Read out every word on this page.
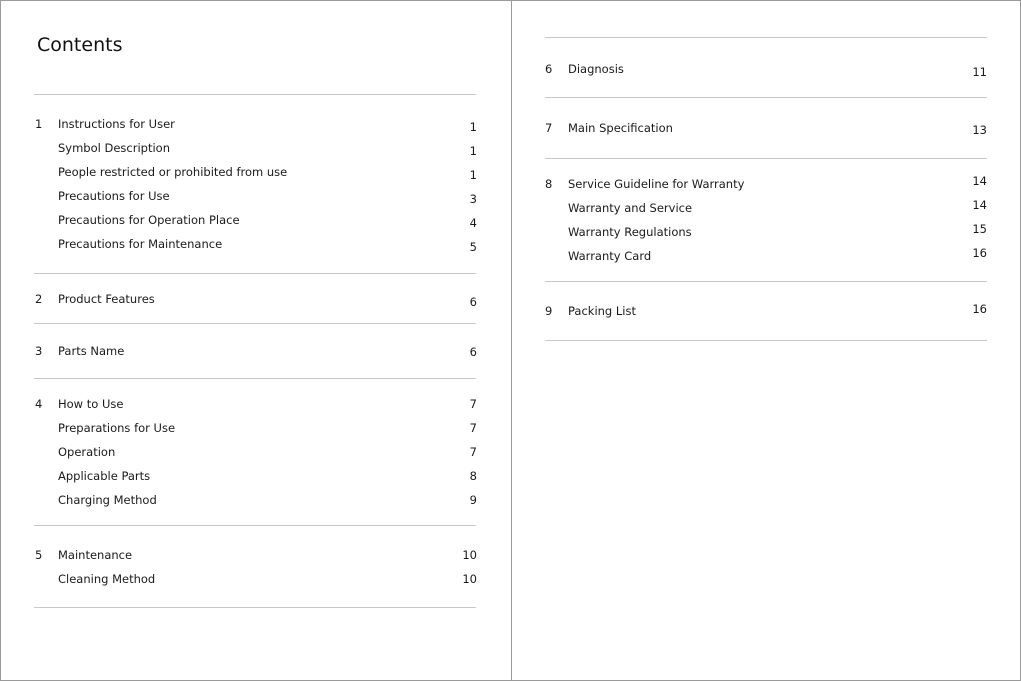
Contents
1	Instructions for User	1
Symbol Description	1
People restricted or prohibited from use	1
Precautions for Use	3
Precautions for Operation Place	4
Precautions for Maintenance	5
2	Product Features	6
3	Parts Name	6
4	How to Use	7
Preparations for Use	7
Operation	7
Applicable Parts	8
Charging Method	9
5	Maintenance	10
Cleaning Method	10
6	Diagnosis	11
7	Main Specification	13
8	Service Guideline for Warranty	14
Warranty and Service	14
Warranty Regulations	15
Warranty Card	16
9	Packing List	16
